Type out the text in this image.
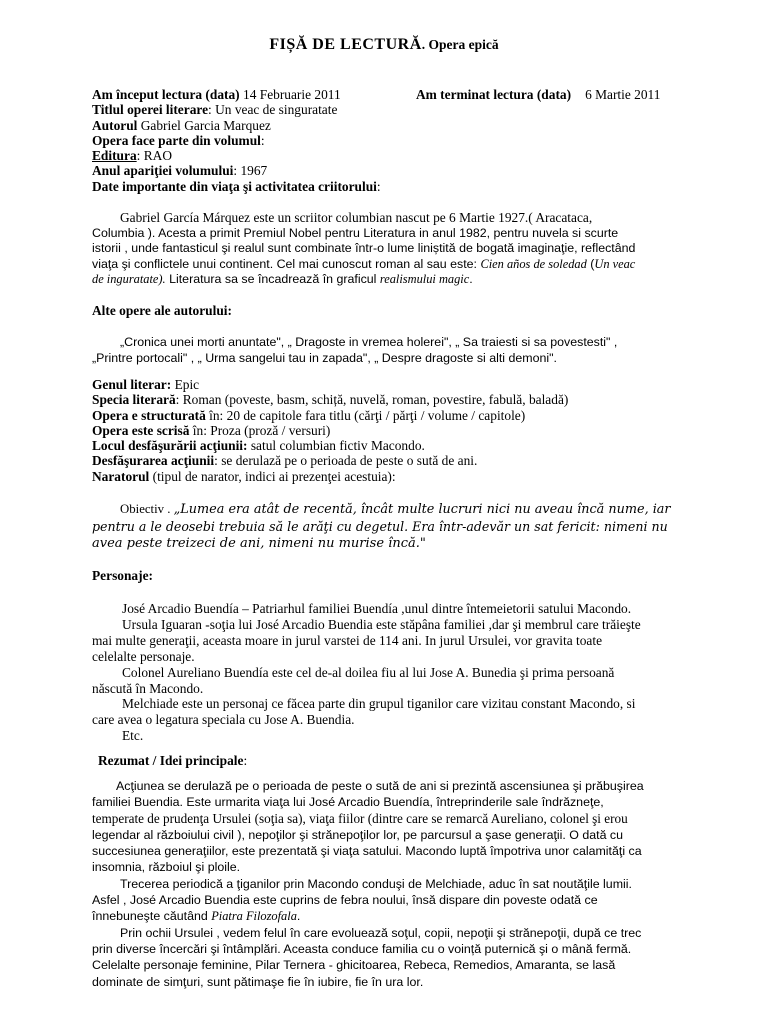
FIȘĂ DE LECTURĂ. Opera epică
Am început lectura (data) 14 Februarie 2011	Am terminat lectura (data) 6 Martie 2011
Titlul operei literare: Un veac de singuratate
Autorul Gabriel Garcia Marquez
Opera face parte din volumul:
Editura: RAO
Anul apariţiei volumului: 1967
Date importante din viaţa şi activitatea criitorului:
Gabriel García Márquez este un scriitor columbian nascut pe 6 Martie 1927.( Aracataca,
Columbia ). Acesta a primit Premiul Nobel pentru Literatura in anul 1982, pentru nuvela si scurte
istorii , unde fantasticul şi realul sunt combinate într-o lume liniștită de bogată imaginaţie, reflectând
viaţa şi conflictele unui continent. Cel mai cunoscut roman al sau este: Cien años de soledad (Un veac
de inguratate). Literatura sa se încadrează în graficul realismului magic.
Alte opere ale autorului:
„Cronica unei morti anuntate", „ Dragoste in vremea holerei", „ Sa traiesti si sa povestesti" ,
„Printre portocali" , „ Urma sangelui tau in zapada", „ Despre dragoste si alti demoni".
Genul literar: Epic
Specia literară: Roman (poveste, basm, schiță, nuvelă, roman, povestire, fabulă, baladă)
Opera e structurată în: 20 de capitole fara titlu (cărţi / părţi / volume / capitole)
Opera este scrisă în: Proza (proză / versuri)
Locul desfăşurării acţiunii: satul columbian fictiv Macondo.
Desfăşurarea acţiunii: se derulază pe o perioada de peste o sută de ani.
Naratorul (tipul de narator, indici ai prezenţei acestuia):
Obiectiv . „Lumea era atât de recentă, încât multe lucruri nici nu aveau încă nume, iar
pentru a le deosebi trebuia să le arăţi cu degetul. Era într-adevăr un sat fericit: nimeni nu
avea peste treizeci de ani, nimeni nu murise încă."
Personaje:
José Arcadio Buendía – Patriarhul familiei Buendía ,unul dintre întemeietorii satului Macondo.
Ursula Iguaran -soţia lui José Arcadio Buendia este stăpâna familiei ,dar şi membrul care trăieşte
mai multe generaţii, aceasta moare in jurul varstei de 114 ani. In jurul Ursulei, vor gravita toate
celelalte personaje.
Colonel Aureliano Buendía este cel de-al doilea fiu al lui Jose A. Bunedia şi prima persoană
născută în Macondo.
Melchiade este un personaj ce făcea parte din grupul tiganilor care vizitau constant Macondo, si
care avea o legatura speciala cu Jose A. Buendia.
Etc.
Rezumat / Idei principale:
Acţiunea se derulază pe o perioada de peste o sută de ani si prezintă ascensiunea şi prăbuşirea
familiei Buendia. Este urmarita viaţa lui José Arcadio Buendía, întreprinderile sale îndrăzneţe,
temperate de prudenţa Ursulei (soţia sa), viaţa fiilor (dintre care se remarcă Aureliano, colonel şi erou
legendar al războiului civil ), nepoţilor şi strănepoţilor lor, pe parcursul a şase generaţii. O dată cu
succesiunea generaţiilor, este prezentată şi viaţa satului. Macondo luptă împotriva unor calamităţi ca
insomnia, războiul şi ploile.
Trecerea periodică a ţiganilor prin Macondo conduşi de Melchiade, aduc în sat noutăţile lumii.
Asfel , José Arcadio Buendia este cuprins de febra noului, însă dispare din poveste odată ce
înnebuneşte căutând Piatra Filozofala.
Prin ochii Ursulei , vedem felul în care evoluează soţul, copii, nepoţii şi strănepoţii, după ce trec
prin diverse încercări şi întâmplări. Aceasta conduce familia cu o voință puternică şi o mână fermă.
Celelalte personaje feminine, Pilar Ternera - ghicitoarea, Rebeca, Remedios, Amaranta, se lasă
dominate de simţuri, sunt pătimaşe fie în iubire, fie în ura lor.
